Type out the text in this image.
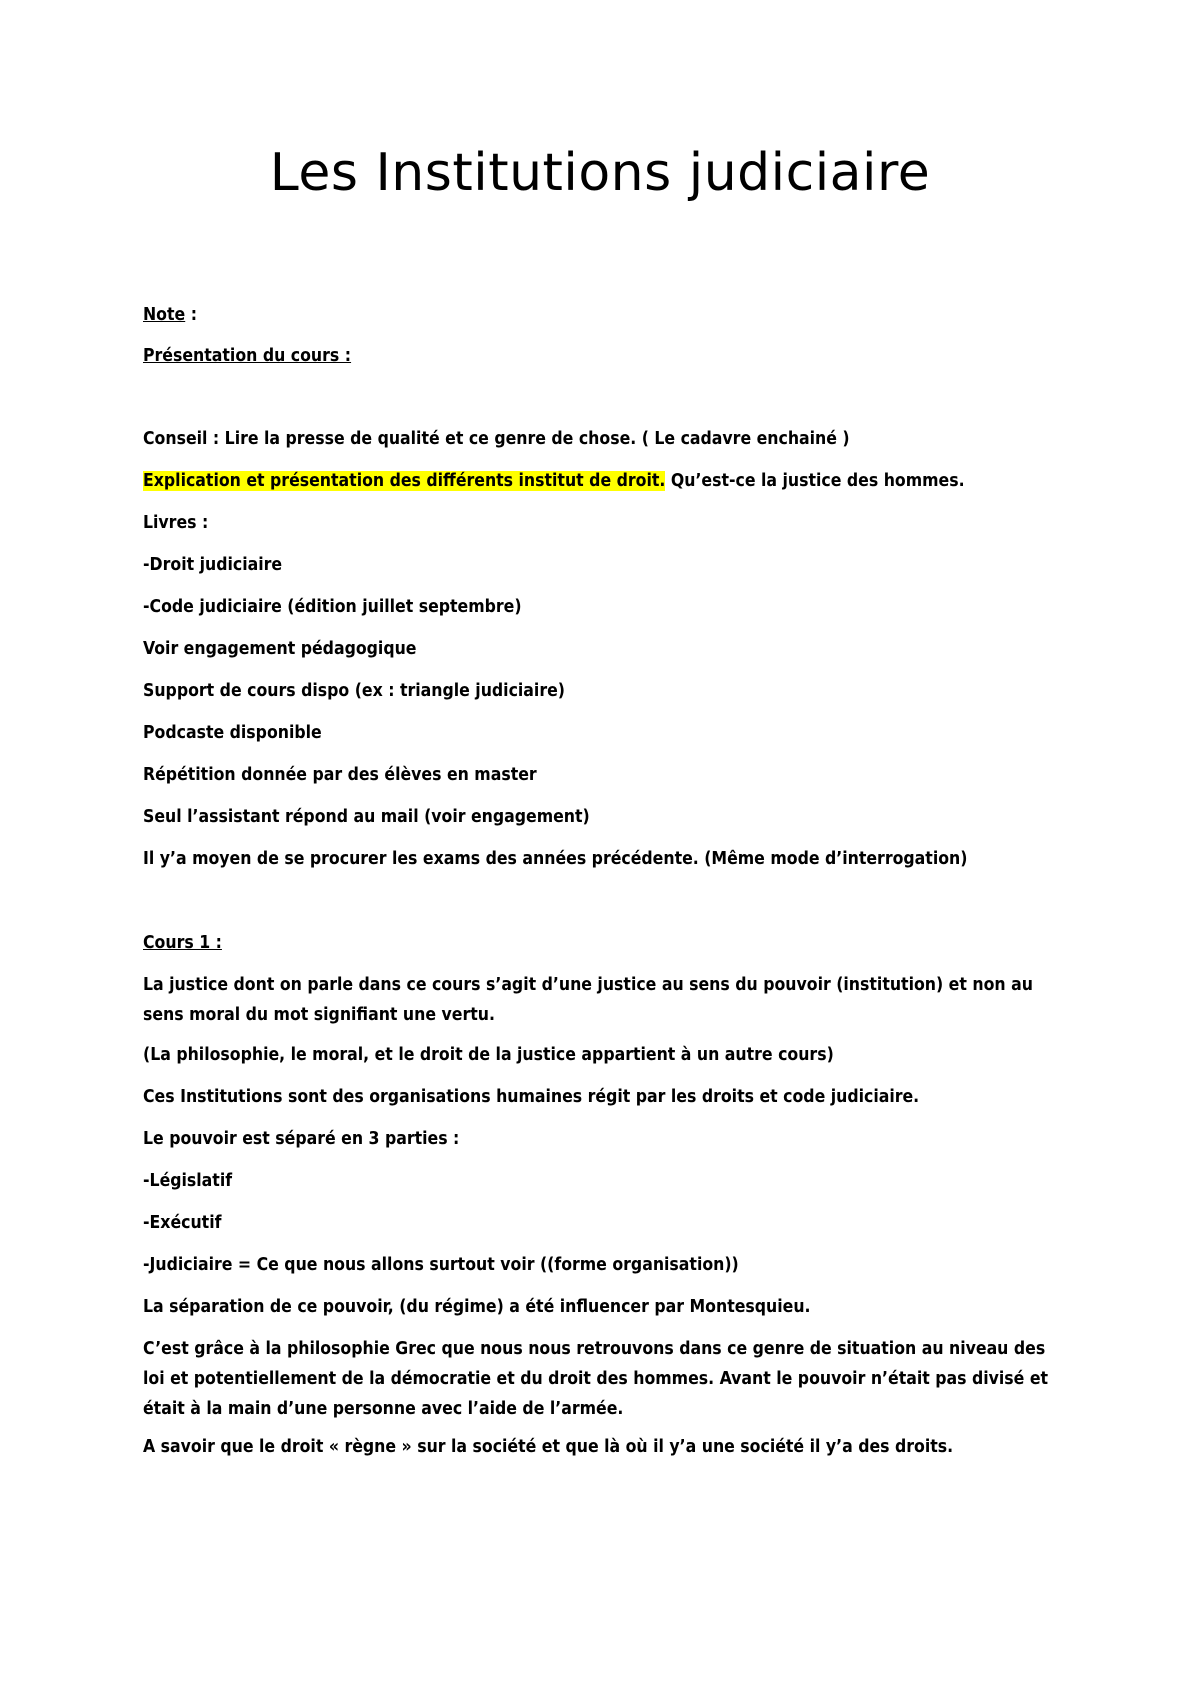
Les Institutions judiciaire

Note :

Présentation du cours :

Conseil : Lire la presse de qualité et ce genre de chose. ( Le cadavre enchainé )

Explication et présentation des différents institut de droit. Qu’est-ce la justice des hommes.

Livres :

-Droit judiciaire

-Code judiciaire (édition juillet septembre)

Voir engagement pédagogique

Support de cours dispo (ex : triangle judiciaire)

Podcaste disponible

Répétition donnée par des élèves en master

Seul l’assistant répond au mail (voir engagement)

Il y’a moyen de se procurer les exams des années précédente. (Même mode d’interrogation)

Cours 1 :

La justice dont on parle dans ce cours s’agit d’une justice au sens du pouvoir (institution) et non au sens moral du mot signifiant une vertu.

(La philosophie, le moral, et le droit de la justice appartient à un autre cours)

Ces Institutions sont des organisations humaines régit par les droits et code judiciaire.

Le pouvoir est séparé en 3 parties :

-Législatif

-Exécutif

-Judiciaire = Ce que nous allons surtout voir ((forme organisation))

La séparation de ce pouvoir, (du régime) a été influencer par Montesquieu.

C’est grâce à la philosophie Grec que nous nous retrouvons dans ce genre de situation au niveau des loi et potentiellement de la démocratie et du droit des hommes. Avant le pouvoir n’était pas divisé et était à la main d’une personne avec l’aide de l’armée.

A savoir que le droit « règne » sur la société et que là où il y’a une société il y’a des droits.
